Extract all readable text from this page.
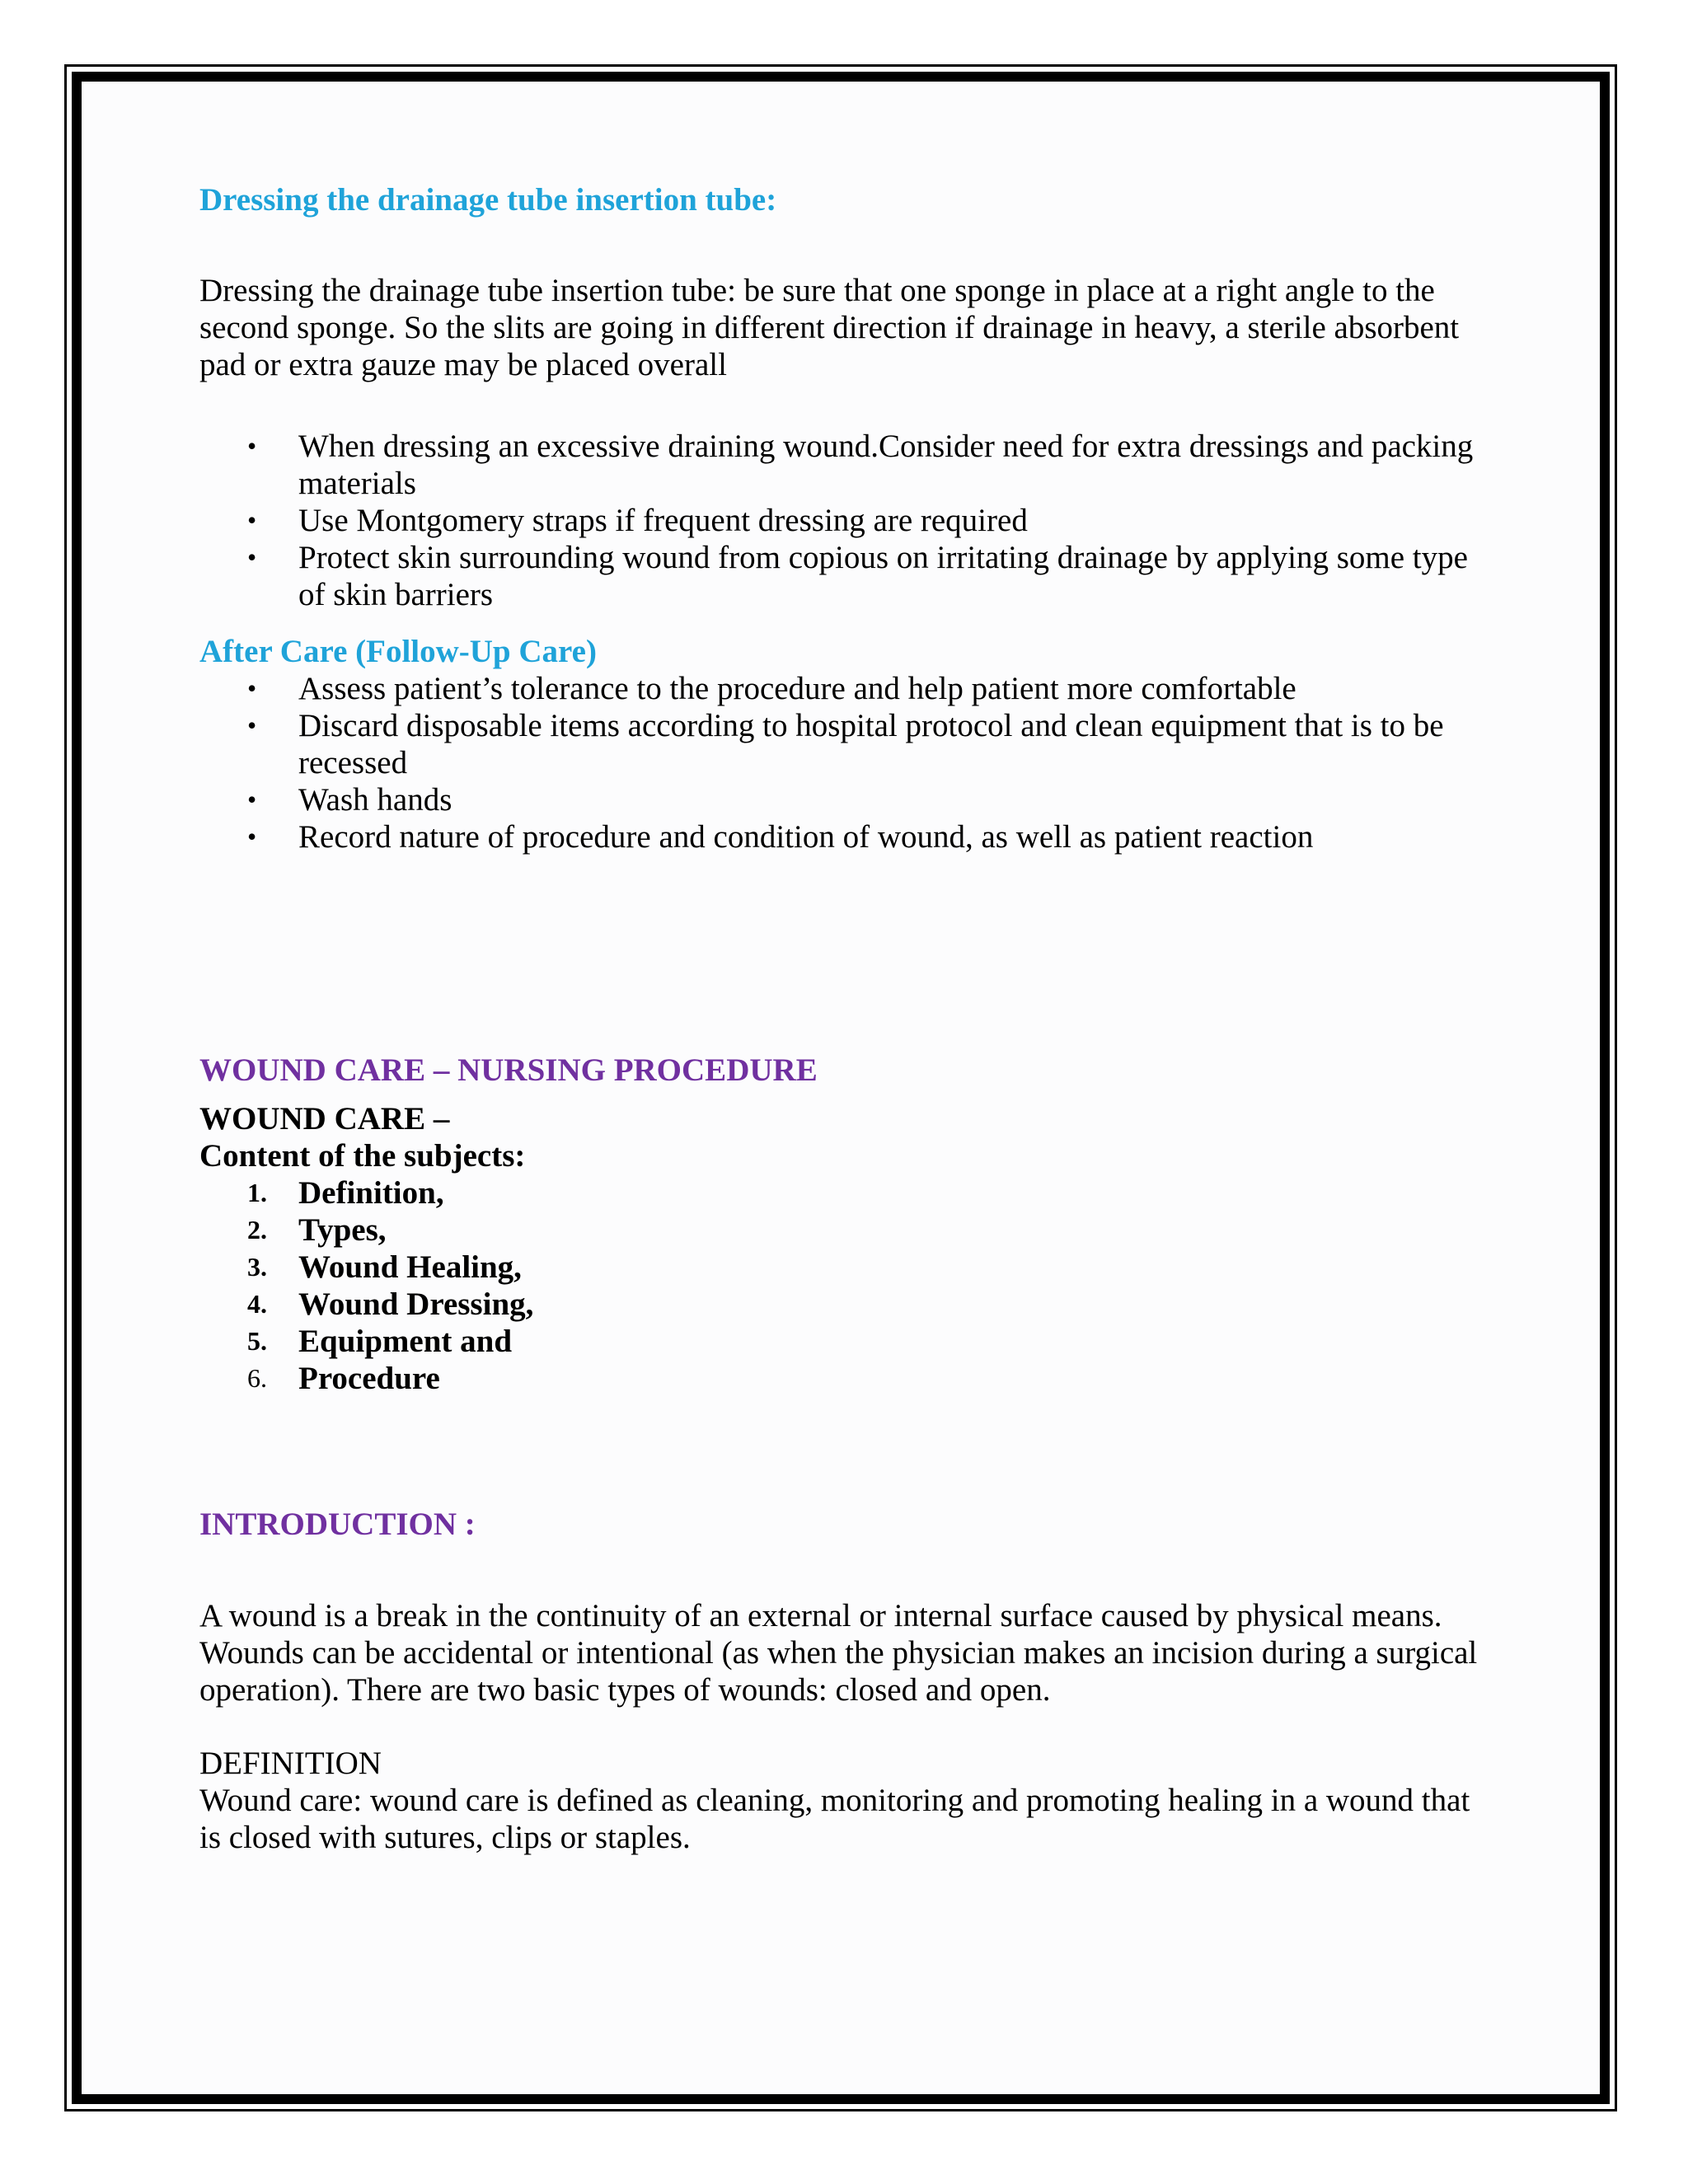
Dressing the drainage tube insertion tube:

Dressing the drainage tube insertion tube: be sure that one sponge in place at a right angle to the second sponge. So the slits are going in different direction if drainage in heavy, a sterile absorbent pad or extra gauze may be placed overall

• When dressing an excessive draining wound.Consider need for extra dressings and packing materials
• Use Montgomery straps if frequent dressing are required
• Protect skin surrounding wound from copious on irritating drainage by applying some type of skin barriers
After Care (Follow-Up Care)
• Assess patient’s tolerance to the procedure and help patient more comfortable
• Discard disposable items according to hospital protocol and clean equipment that is to be recessed
• Wash hands
• Record nature of procedure and condition of wound, as well as patient reaction
WOUND CARE – NURSING PROCEDURE

WOUND CARE –

Content of the subjects:

1. Definition,
2. Types,
3. Wound Healing,
4. Wound Dressing,
5. Equipment and
6. Procedure
INTRODUCTION :

A wound is a break in the continuity of an external or internal surface caused by physical means. Wounds can be accidental or intentional (as when the physician makes an incision during a surgical operation). There are two basic types of wounds: closed and open.

DEFINITION

Wound care: wound care is defined as cleaning, monitoring and promoting healing in a wound that is closed with sutures, clips or staples.
